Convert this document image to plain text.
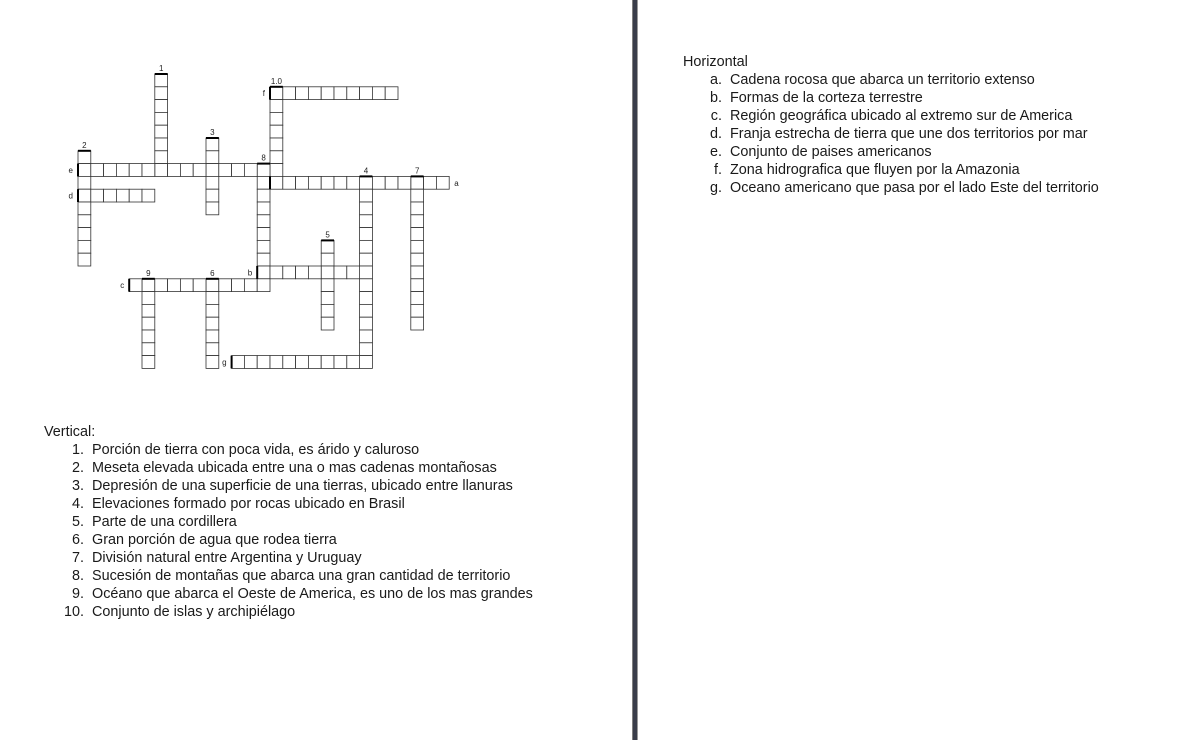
1
1.0
2
3
4
5
6
7
8
9
a
b
c
d
e
f
g
Vertical:
1. Porción de tierra con poca vida, es árido y caluroso
2. Meseta elevada ubicada entre una o mas cadenas montañosas
3. Depresión de una superficie de una tierras, ubicado entre llanuras
4. Elevaciones formado por rocas ubicado en Brasil
5. Parte de una cordillera
6. Gran porción de agua que rodea tierra
7. División natural entre Argentina y Uruguay
8. Sucesión de montañas que abarca una gran cantidad de territorio
9. Océano que abarca el Oeste de America, es uno de los mas grandes
10. Conjunto de islas y archipiélago
Horizontal
a. Cadena rocosa que abarca un territorio extenso
b. Formas de la corteza terrestre
c. Región geográfica ubicado al extremo sur de America
d. Franja estrecha de tierra que une dos territorios por mar
e. Conjunto de paises americanos
f. Zona hidrografica que fluyen por la Amazonia
g. Oceano americano que pasa por el lado Este del territorio
